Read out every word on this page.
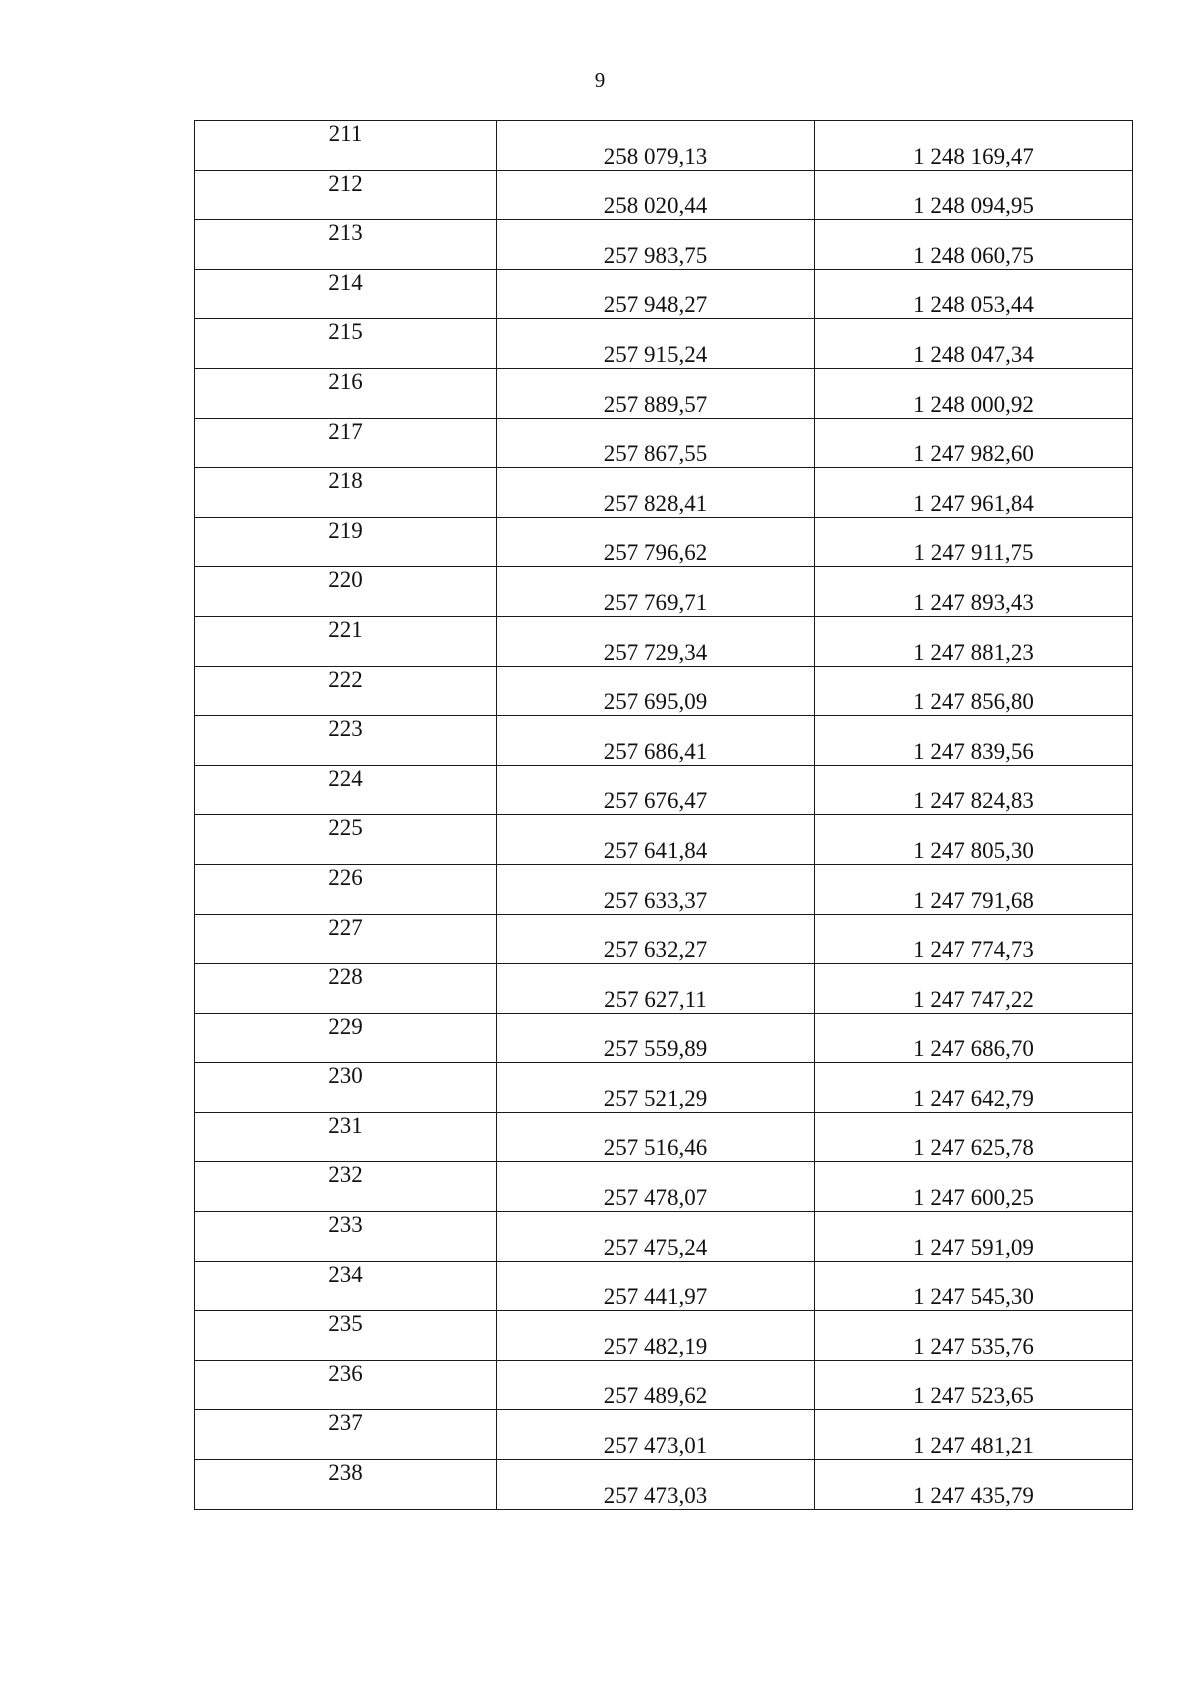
9
211	258 079,13	1 248 169,47
212	258 020,44	1 248 094,95
213	257 983,75	1 248 060,75
214	257 948,27	1 248 053,44
215	257 915,24	1 248 047,34
216	257 889,57	1 248 000,92
217	257 867,55	1 247 982,60
218	257 828,41	1 247 961,84
219	257 796,62	1 247 911,75
220	257 769,71	1 247 893,43
221	257 729,34	1 247 881,23
222	257 695,09	1 247 856,80
223	257 686,41	1 247 839,56
224	257 676,47	1 247 824,83
225	257 641,84	1 247 805,30
226	257 633,37	1 247 791,68
227	257 632,27	1 247 774,73
228	257 627,11	1 247 747,22
229	257 559,89	1 247 686,70
230	257 521,29	1 247 642,79
231	257 516,46	1 247 625,78
232	257 478,07	1 247 600,25
233	257 475,24	1 247 591,09
234	257 441,97	1 247 545,30
235	257 482,19	1 247 535,76
236	257 489,62	1 247 523,65
237	257 473,01	1 247 481,21
238	257 473,03	1 247 435,79
